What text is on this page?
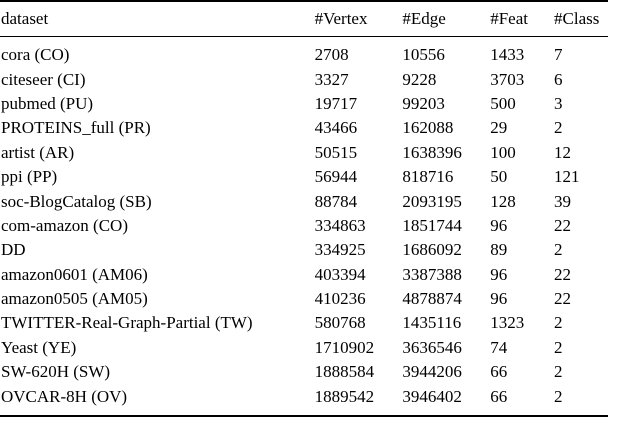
dataset	#Vertex	#Edge	#Feat	#Class
cora (CO)	2708	10556	1433	7
citeseer (CI)	3327	9228	3703	6
pubmed (PU)	19717	99203	500	3
PROTEINS_full (PR)	43466	162088	29	2
artist (AR)	50515	1638396	100	12
ppi (PP)	56944	818716	50	121
soc-BlogCatalog (SB)	88784	2093195	128	39
com-amazon (CO)	334863	1851744	96	22
DD	334925	1686092	89	2
amazon0601 (AM06)	403394	3387388	96	22
amazon0505 (AM05)	410236	4878874	96	22
TWITTER-Real-Graph-Partial (TW)	580768	1435116	1323	2
Yeast (YE)	1710902	3636546	74	2
SW-620H (SW)	1888584	3944206	66	2
OVCAR-8H (OV)	1889542	3946402	66	2
